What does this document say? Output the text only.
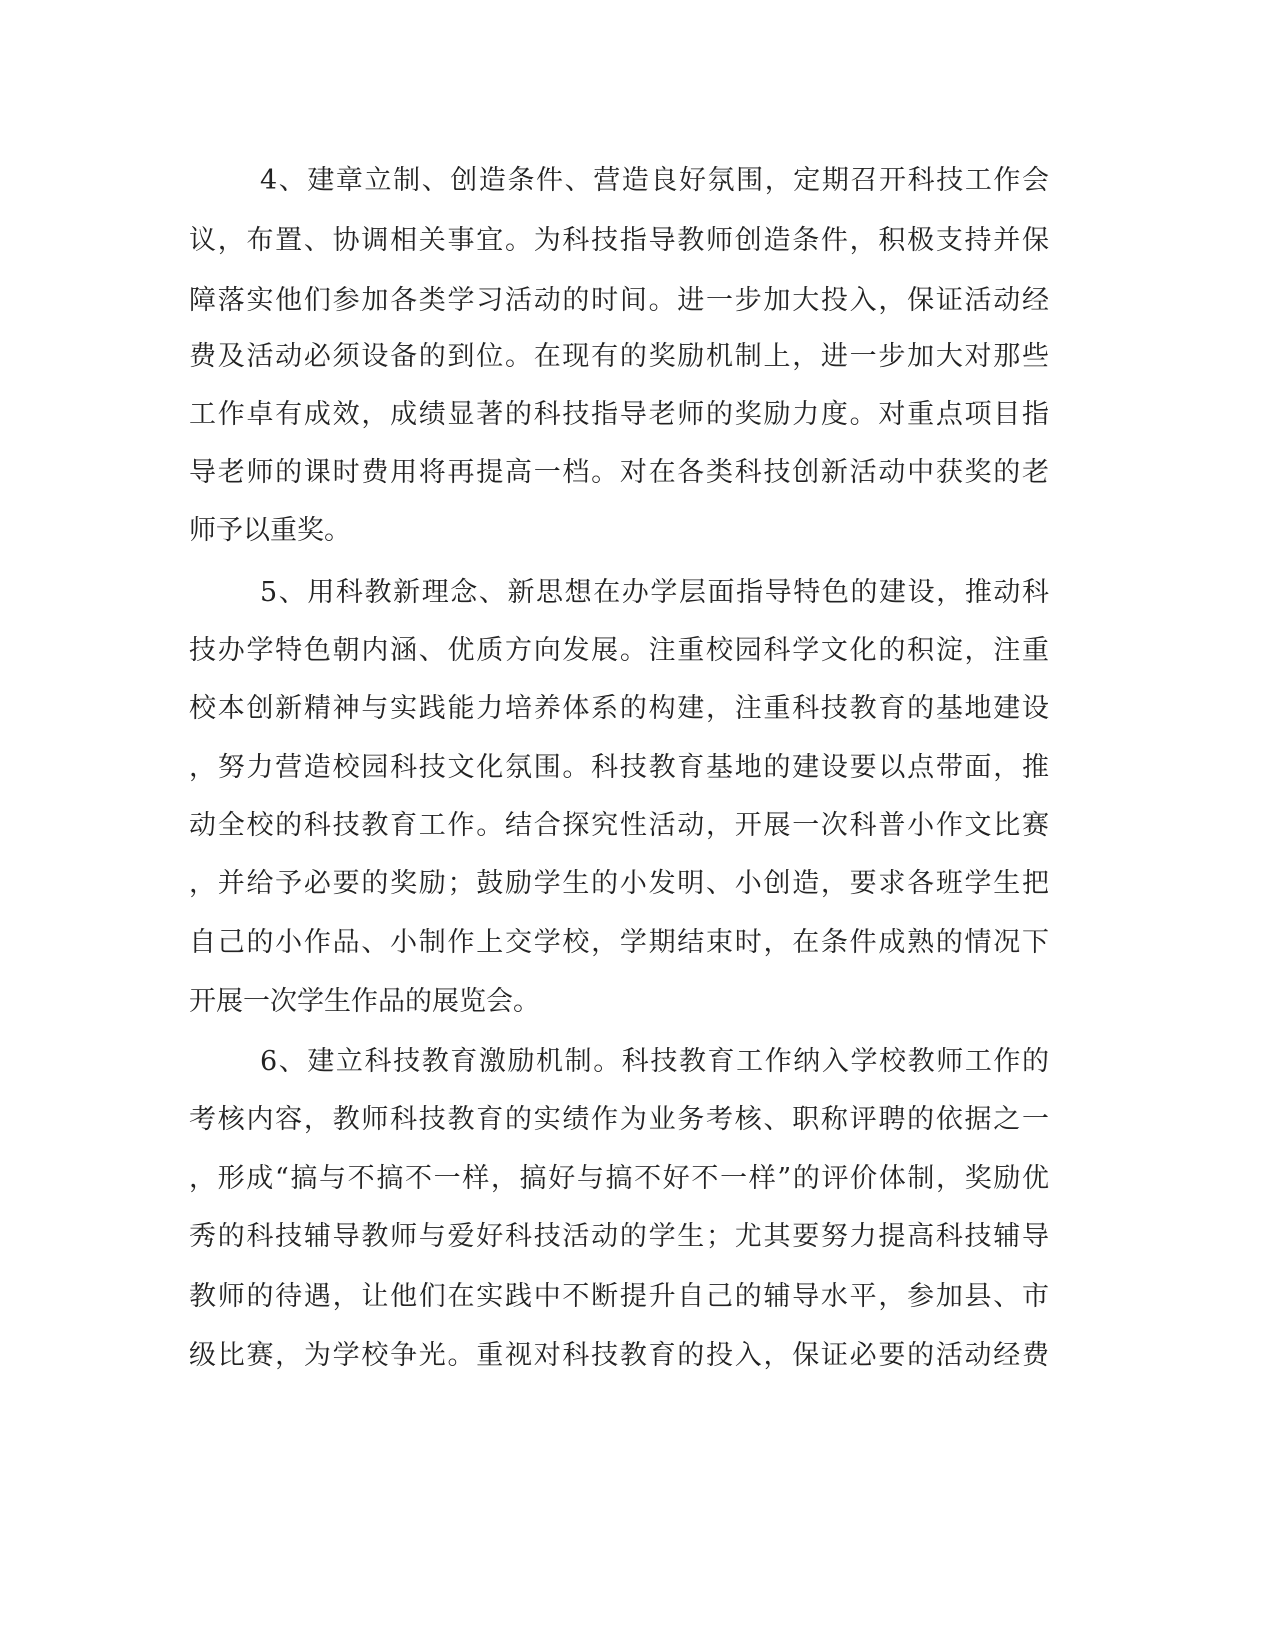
4、建章立制、创造条件、营造良好氛围，定期召开科技工作会
议，布置、协调相关事宜。为科技指导教师创造条件，积极支持并保
障落实他们参加各类学习活动的时间。进一步加大投入，保证活动经
费及活动必须设备的到位。在现有的奖励机制上，进一步加大对那些
工作卓有成效，成绩显著的科技指导老师的奖励力度。对重点项目指
导老师的课时费用将再提高一档。对在各类科技创新活动中获奖的老
师予以重奖。
5、用科教新理念、新思想在办学层面指导特色的建设，推动科
技办学特色朝内涵、优质方向发展。注重校园科学文化的积淀，注重
校本创新精神与实践能力培养体系的构建，注重科技教育的基地建设
，努力营造校园科技文化氛围。科技教育基地的建设要以点带面，推
动全校的科技教育工作。结合探究性活动，开展一次科普小作文比赛
，并给予必要的奖励；鼓励学生的小发明、小创造，要求各班学生把
自己的小作品、小制作上交学校，学期结束时，在条件成熟的情况下
开展一次学生作品的展览会。
6、建立科技教育激励机制。科技教育工作纳入学校教师工作的
考核内容，教师科技教育的实绩作为业务考核、职称评聘的依据之一
，形成“搞与不搞不一样，搞好与搞不好不一样”的评价体制，奖励优
秀的科技辅导教师与爱好科技活动的学生；尤其要努力提高科技辅导
教师的待遇，让他们在实践中不断提升自己的辅导水平，参加县、市
级比赛，为学校争光。重视对科技教育的投入，保证必要的活动经费
